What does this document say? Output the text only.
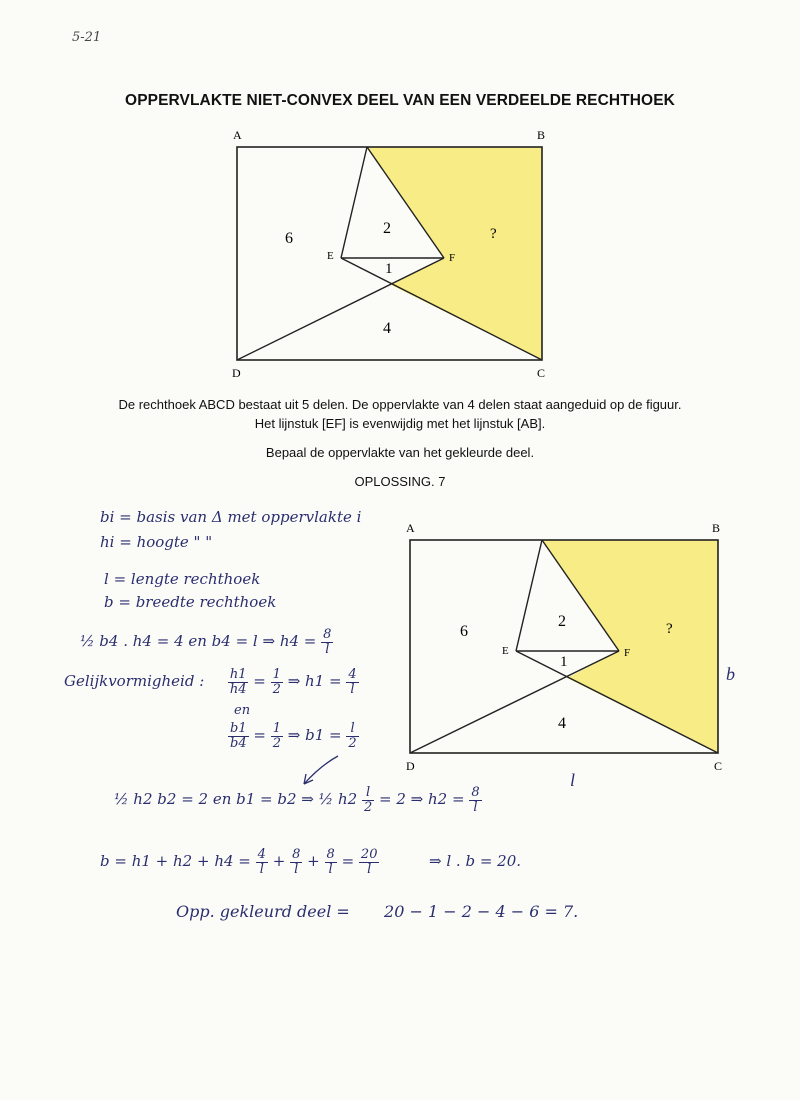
5-21
OPPERVLAKTE NIET-CONVEX DEEL VAN EEN VERDEELDE RECHTHOEK
A	B
C
D
E	F
6
2
1
4
?
De rechthoek ABCD bestaat uit 5 delen. De oppervlakte van 4 delen staat aangeduid op de figuur.
Het lijnstuk [EF] is evenwijdig met het lijnstuk [AB].
Bepaal de oppervlakte van het gekleurde deel.
OPLOSSING. 7
A	B
C
D
E	F
6
2
1
4
?
b
l
bi = basis van Δ met oppervlakte i
hi = hoogte " "
l = lengte rechthoek
b = breedte rechthoek
½ b4 . h4 = 4 en b4 = l ⇒ $h4 = \frac{8}{l}$
Gelijkvormigheid : $\frac{h1}{h4} = \frac{1}{2}$ ⇒ $h1 = \frac{4}{l}$
en
$\frac{b1}{b4} = \frac{1}{2}$ ⇒ $b1 = \frac{l}{2}$
½ h2 b2 = 2 en b1 = b2 ⇒ ½ $h2 \frac{l}{2} = 2$ ⇒ $h2 = \frac{8}{l}$
$b = h1 + h2 + h4 = \frac{4}{l} + \frac{8}{l} + \frac{8}{l} = \frac{20}{l}$	⇒ l . b = 20.
Opp. gekleurd deel = 20 − 1 − 2 − 4 − 6 = 7.
